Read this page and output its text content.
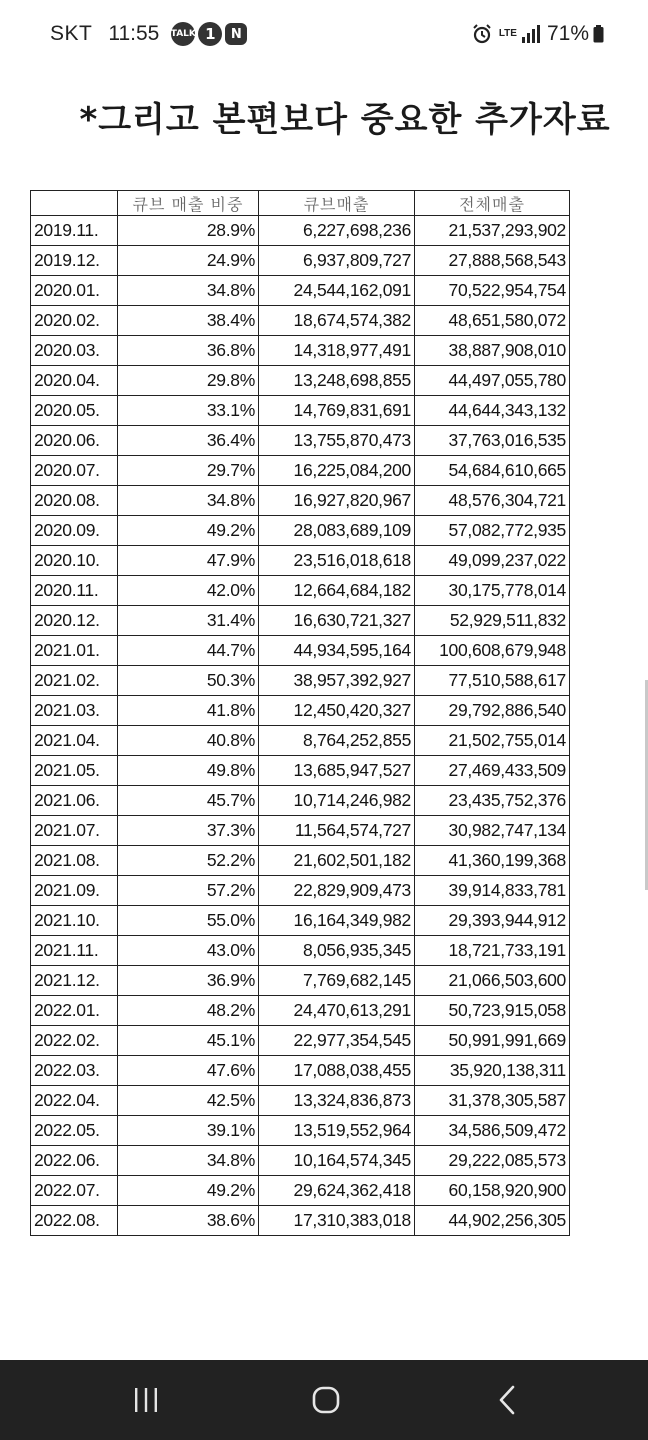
SKT 11:55 TALK 1	N	LTE 71%
*그리고 본편보다 중요한 추가자료
	큐브 매출 비중	큐브매출	전체매출
2019.11.	28.9%	6,227,698,236	21,537,293,902
2019.12.	24.9%	6,937,809,727	27,888,568,543
2020.01.	34.8%	24,544,162,091	70,522,954,754
2020.02.	38.4%	18,674,574,382	48,651,580,072
2020.03.	36.8%	14,318,977,491	38,887,908,010
2020.04.	29.8%	13,248,698,855	44,497,055,780
2020.05.	33.1%	14,769,831,691	44,644,343,132
2020.06.	36.4%	13,755,870,473	37,763,016,535
2020.07.	29.7%	16,225,084,200	54,684,610,665
2020.08.	34.8%	16,927,820,967	48,576,304,721
2020.09.	49.2%	28,083,689,109	57,082,772,935
2020.10.	47.9%	23,516,018,618	49,099,237,022
2020.11.	42.0%	12,664,684,182	30,175,778,014
2020.12.	31.4%	16,630,721,327	52,929,511,832
2021.01.	44.7%	44,934,595,164	100,608,679,948
2021.02.	50.3%	38,957,392,927	77,510,588,617
2021.03.	41.8%	12,450,420,327	29,792,886,540
2021.04.	40.8%	8,764,252,855	21,502,755,014
2021.05.	49.8%	13,685,947,527	27,469,433,509
2021.06.	45.7%	10,714,246,982	23,435,752,376
2021.07.	37.3%	11,564,574,727	30,982,747,134
2021.08.	52.2%	21,602,501,182	41,360,199,368
2021.09.	57.2%	22,829,909,473	39,914,833,781
2021.10.	55.0%	16,164,349,982	29,393,944,912
2021.11.	43.0%	8,056,935,345	18,721,733,191
2021.12.	36.9%	7,769,682,145	21,066,503,600
2022.01.	48.2%	24,470,613,291	50,723,915,058
2022.02.	45.1%	22,977,354,545	50,991,991,669
2022.03.	47.6%	17,088,038,455	35,920,138,311
2022.04.	42.5%	13,324,836,873	31,378,305,587
2022.05.	39.1%	13,519,552,964	34,586,509,472
2022.06.	34.8%	10,164,574,345	29,222,085,573
2022.07.	49.2%	29,624,362,418	60,158,920,900
2022.08.	38.6%	17,310,383,018	44,902,256,305
